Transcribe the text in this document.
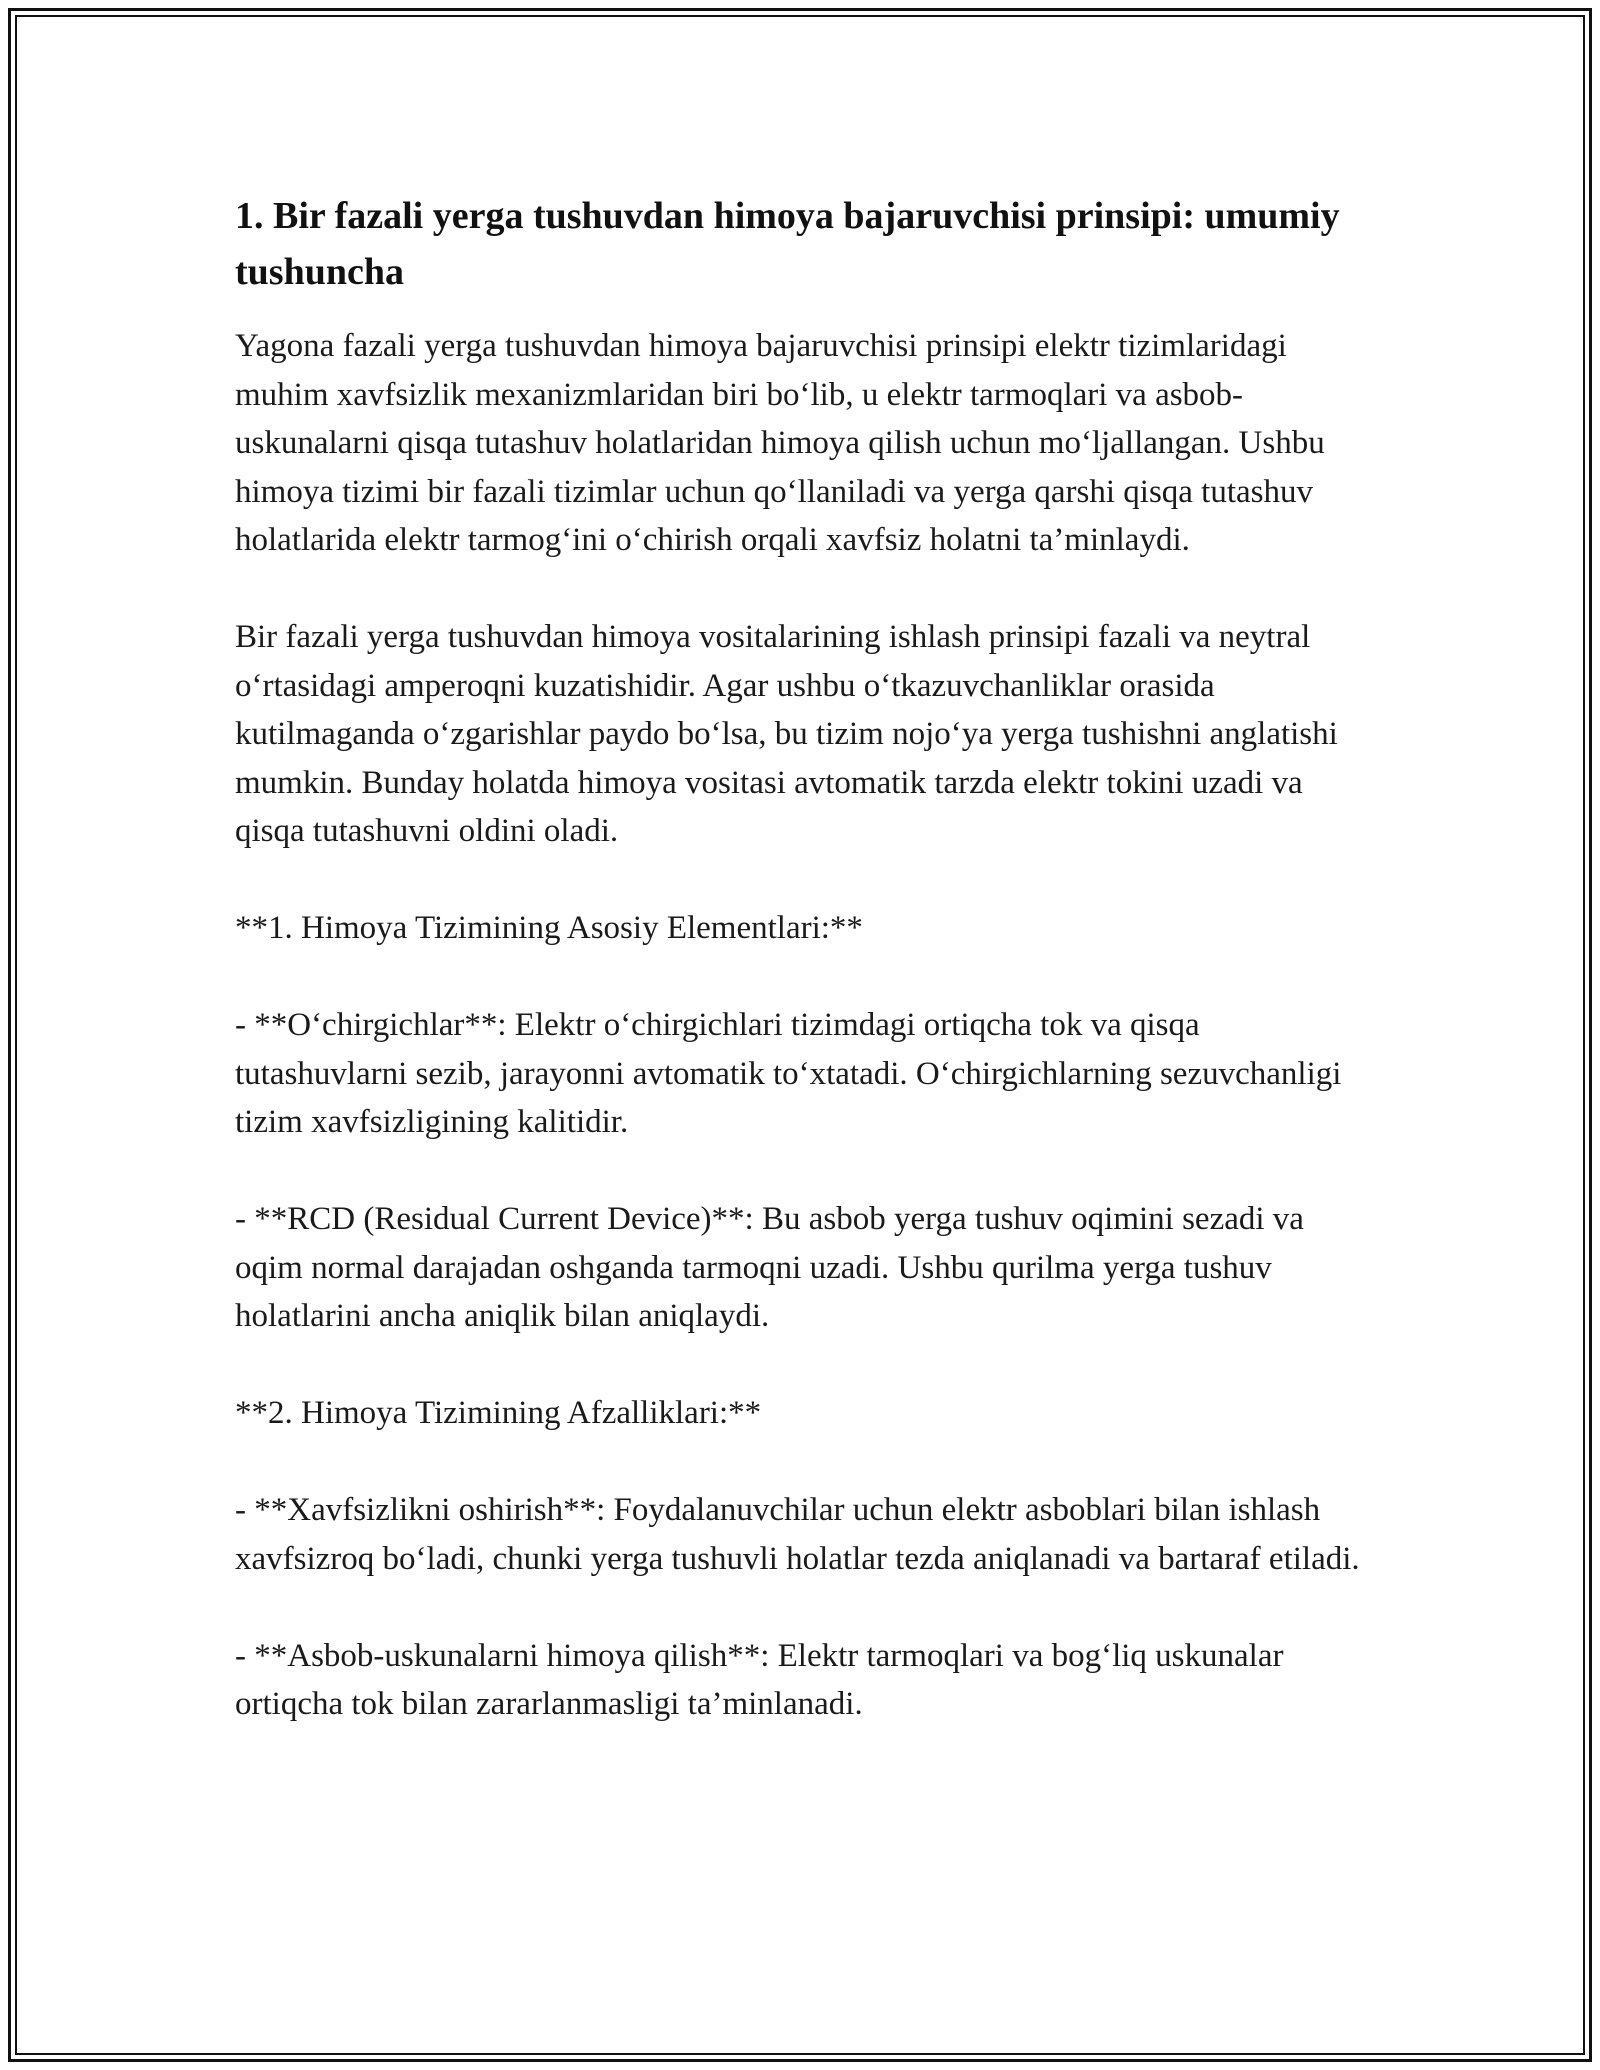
1. Bir fazali yerga tushuvdan himoya bajaruvchisi prinsipi: umumiy tushuncha

Yagona fazali yerga tushuvdan himoya bajaruvchisi prinsipi elektr tizimlaridagi muhim xavfsizlik mexanizmlaridan biri bo‘lib, u elektr tarmoqlari va asbob-uskunalarni qisqa tutashuv holatlaridan himoya qilish uchun mo‘ljallangan. Ushbu himoya tizimi bir fazali tizimlar uchun qo‘llaniladi va yerga qarshi qisqa tutashuv holatlarida elektr tarmog‘ini o‘chirish orqali xavfsiz holatni ta’minlaydi.

Bir fazali yerga tushuvdan himoya vositalarining ishlash prinsipi fazali va neytral o‘rtasidagi amperoqni kuzatishidir. Agar ushbu o‘tkazuvchanliklar orasida kutilmaganda o‘zgarishlar paydo bo‘lsa, bu tizim nojo‘ya yerga tushishni anglatishi mumkin. Bunday holatda himoya vositasi avtomatik tarzda elektr tokini uzadi va qisqa tutashuvni oldini oladi.

**1. Himoya Tizimining Asosiy Elementlari:**

- **O‘chirgichlar**: Elektr o‘chirgichlari tizimdagi ortiqcha tok va qisqa tutashuvlarni sezib, jarayonni avtomatik to‘xtatadi. O‘chirgichlarning sezuvchanligi tizim xavfsizligining kalitidir.

- **RCD (Residual Current Device)**: Bu asbob yerga tushuv oqimini sezadi va oqim normal darajadan oshganda tarmoqni uzadi. Ushbu qurilma yerga tushuv holatlarini ancha aniqlik bilan aniqlaydi.

**2. Himoya Tizimining Afzalliklari:**

- **Xavfsizlikni oshirish**: Foydalanuvchilar uchun elektr asboblari bilan ishlash xavfsizroq bo‘ladi, chunki yerga tushuvli holatlar tezda aniqlanadi va bartaraf etiladi.

- **Asbob-uskunalarni himoya qilish**: Elektr tarmoqlari va bog‘liq uskunalar ortiqcha tok bilan zararlanmasligi ta’minlanadi.
